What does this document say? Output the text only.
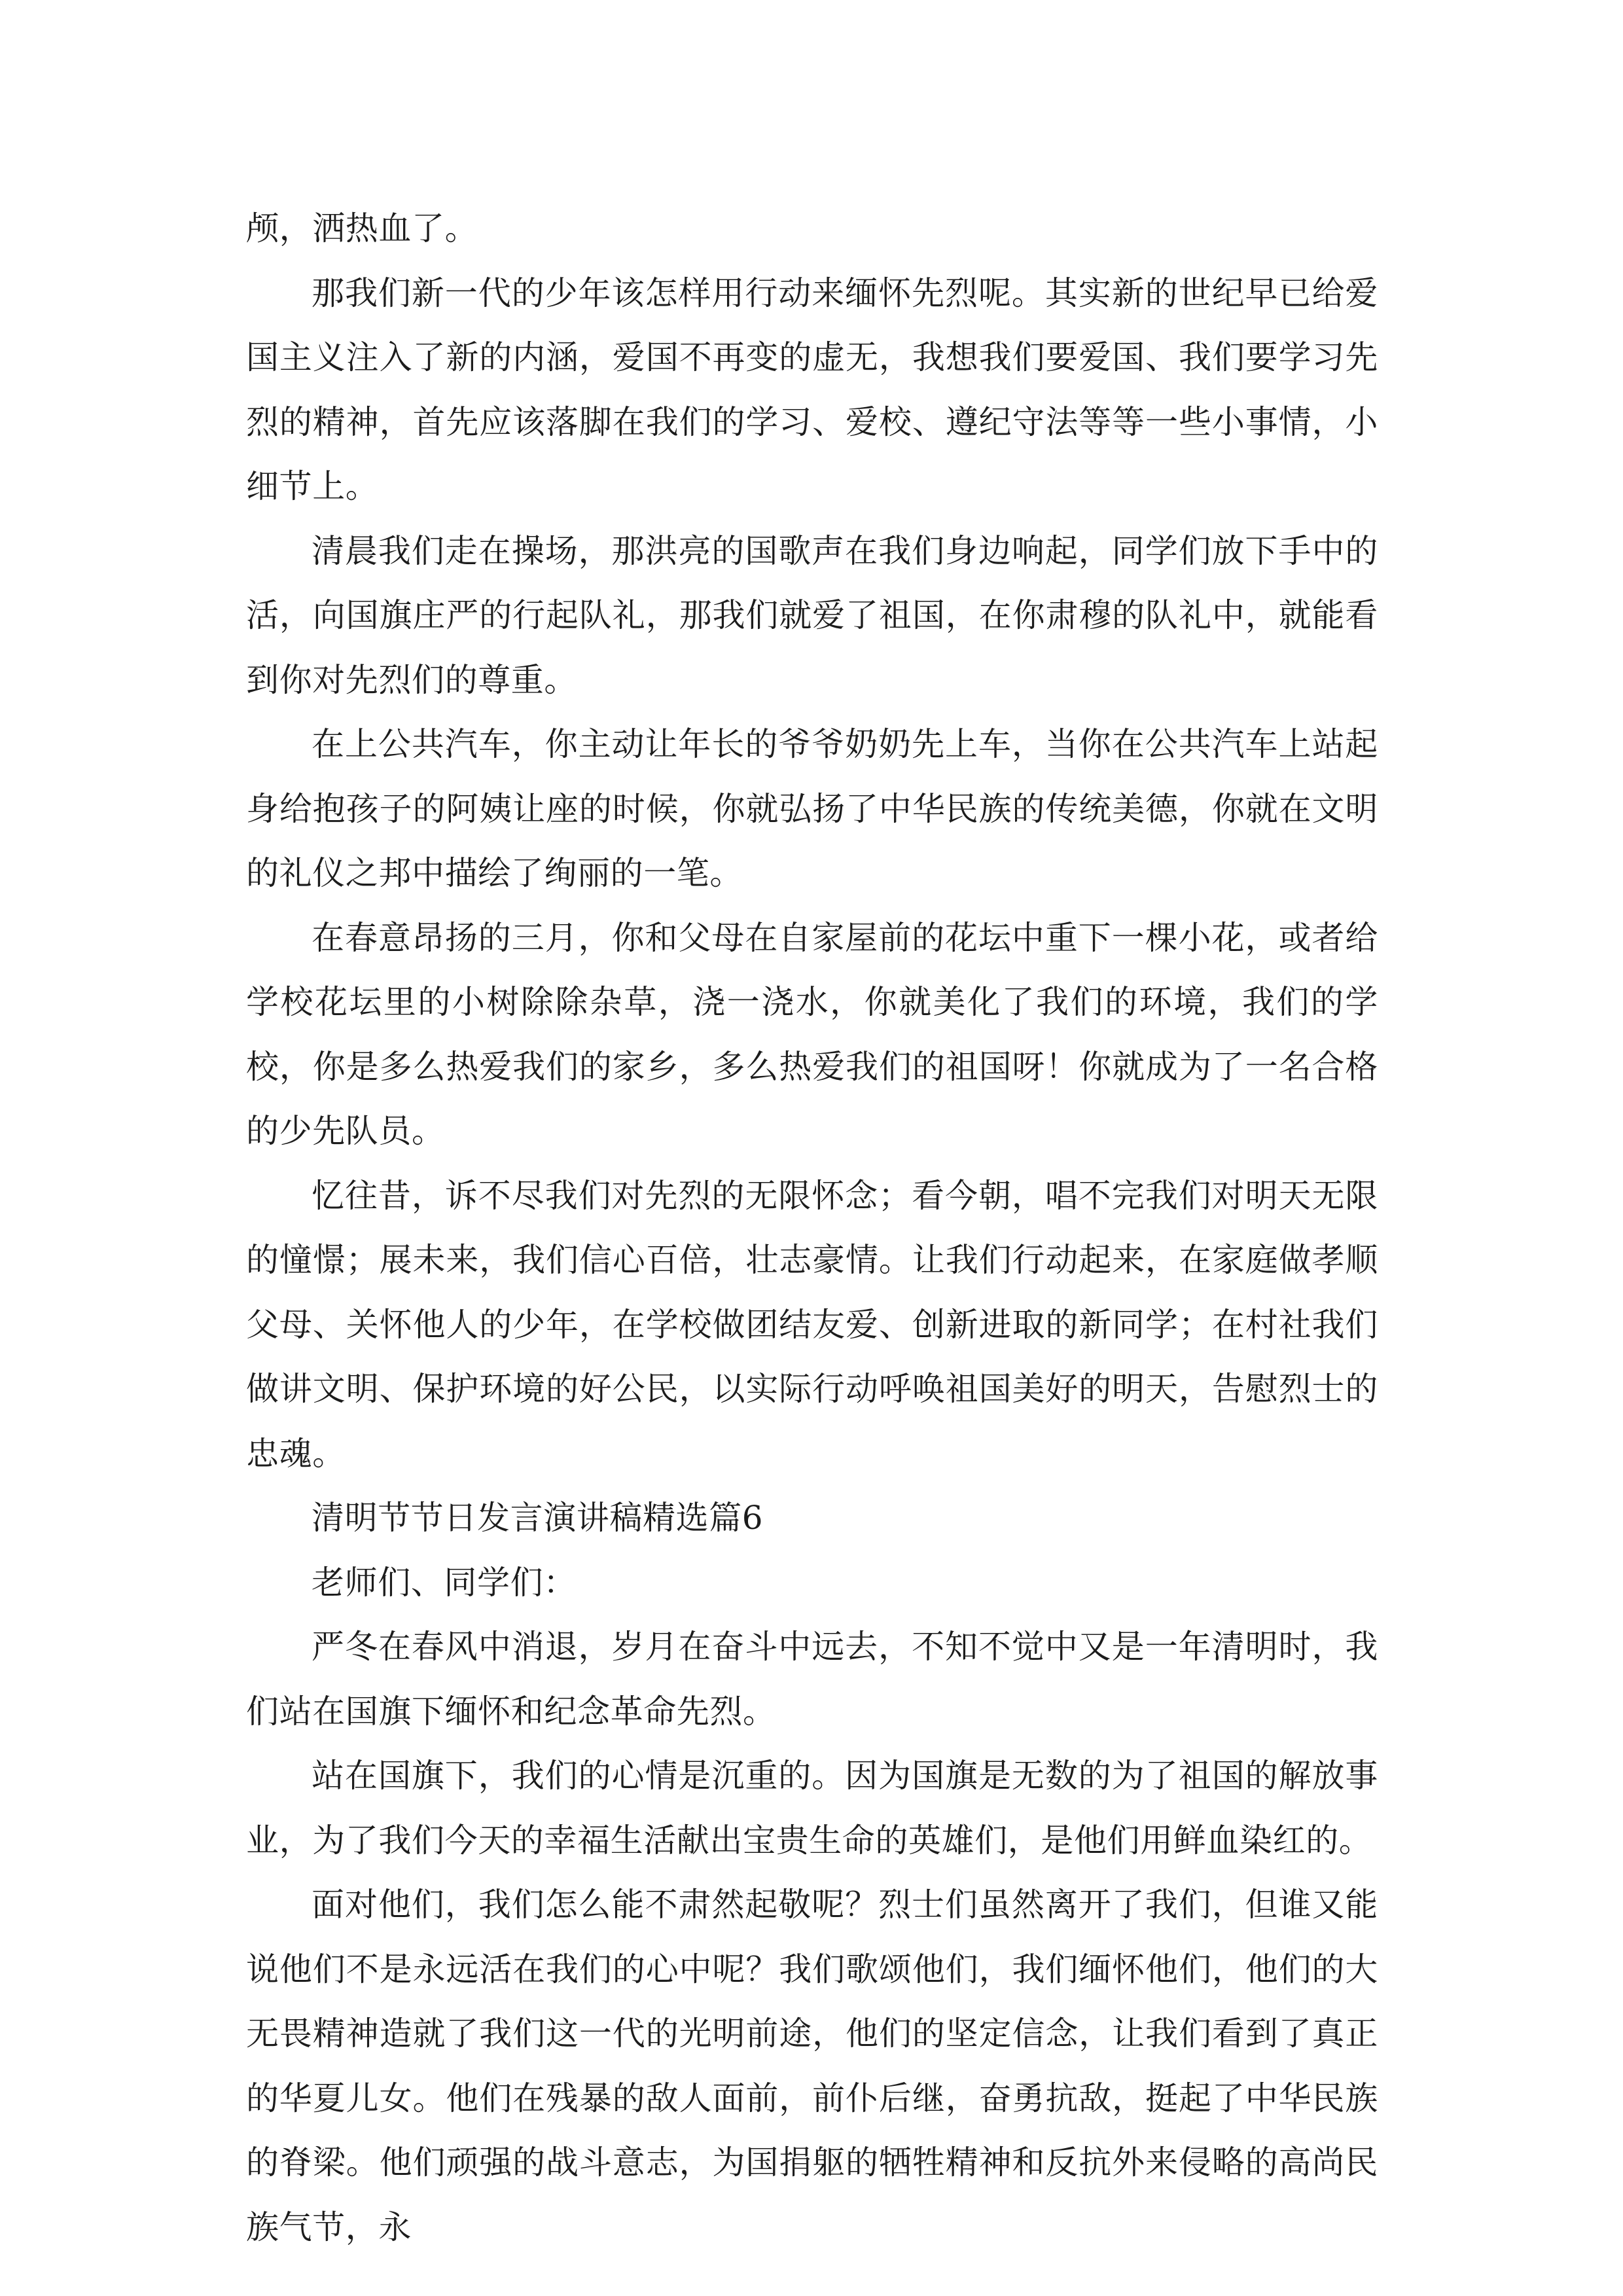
颅，洒热血了。

那我们新一代的少年该怎样用行动来缅怀先烈呢。其实新的世纪早已给爱国主义注入了新的内涵，爱国不再变的虚无，我想我们要爱国、我们要学习先烈的精神，首先应该落脚在我们的学习、爱校、遵纪守法等等一些小事情，小细节上。

清晨我们走在操场，那洪亮的国歌声在我们身边响起，同学们放下手中的活，向国旗庄严的行起队礼，那我们就爱了祖国，在你肃穆的队礼中，就能看到你对先烈们的尊重。

在上公共汽车，你主动让年长的爷爷奶奶先上车，当你在公共汽车上站起身给抱孩子的阿姨让座的时候，你就弘扬了中华民族的传统美德，你就在文明的礼仪之邦中描绘了绚丽的一笔。

在春意昂扬的三月，你和父母在自家屋前的花坛中重下一棵小花，或者给学校花坛里的小树除除杂草，浇一浇水，你就美化了我们的环境，我们的学校，你是多么热爱我们的家乡，多么热爱我们的祖国呀！你就成为了一名合格的少先队员。

忆往昔，诉不尽我们对先烈的无限怀念；看今朝，唱不完我们对明天无限的憧憬；展未来，我们信心百倍，壮志豪情。让我们行动起来，在家庭做孝顺父母、关怀他人的少年，在学校做团结友爱、创新进取的新同学；在村社我们做讲文明、保护环境的好公民，以实际行动呼唤祖国美好的明天，告慰烈士的忠魂。

清明节节日发言演讲稿精选篇6

老师们、同学们：

严冬在春风中消退，岁月在奋斗中远去，不知不觉中又是一年清明时，我们站在国旗下缅怀和纪念革命先烈。

站在国旗下，我们的心情是沉重的。因为国旗是无数的为了祖国的解放事业，为了我们今天的幸福生活献出宝贵生命的英雄们，是他们用鲜血染红的。

面对他们，我们怎么能不肃然起敬呢？烈士们虽然离开了我们，但谁又能说他们不是永远活在我们的心中呢？我们歌颂他们，我们缅怀他们，他们的大无畏精神造就了我们这一代的光明前途，他们的坚定信念，让我们看到了真正的华夏儿女。他们在残暴的敌人面前，前仆后继，奋勇抗敌，挺起了中华民族的脊梁。他们顽强的战斗意志，为国捐躯的牺牲精神和反抗外来侵略的高尚民族气节，永
